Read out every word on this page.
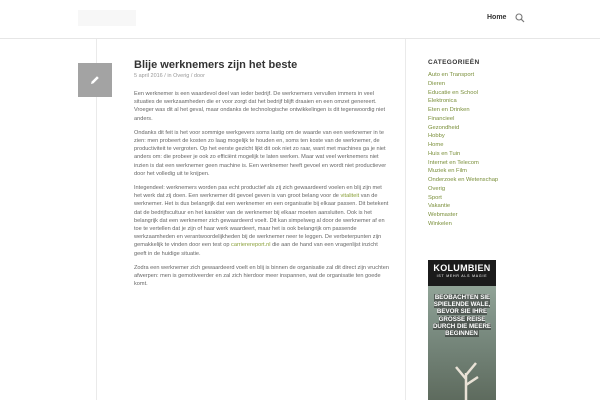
Home
Blije werknemers zijn het beste
5 april 2016 / in Overig / door

Een werknemer is een waardevol deel van ieder bedrijf. De werknemers vervullen immers in veel situaties de werkzaamheden die er voor zorgt dat het bedrijf blijft draaien en een omzet genereert. Vroeger was dit al het geval, maar ondanks de technologische ontwikkelingen is dit tegenwoordig niet anders.

Ondanks dit feit is het voor sommige werkgevers soms lastig om de waarde van een werknemer in te zien: men probeert de kosten zo laag mogelijk te houden en, soms ten koste van de werknemer, de productiviteit te vergroten. Op het eerste gezicht lijkt dit ook niet zo raar, want met machines ga je niet anders om: die probeer je ook zo efficiënt mogelijk te laten werken. Maar wat veel werknemers niet inzien is dat een werknemer geen machine is. Een werknemer heeft gevoel en wordt niet productiever door het volledig uit te knijpen.

Integendeel: werknemers worden pas echt productief als zij zich gewaardeerd voelen en blij zijn met het werk dat zij doen. Een werknemer dit gevoel geven is van groot belang voor de vitaliteit van de werknemer. Het is dus belangrijk dat een werknemer en een organisatie bij elkaar passen. Dit betekent dat de bedrijfscultuur en het karakter van de werknemer bij elkaar moeten aansluiten. Ook is het belangrijk dat een werknemer zich gewaardeerd voelt. Dit kan simpelweg al door de werknemer af en toe te vertellen dat je zijn of haar werk waardeert, maar het is ook belangrijk om passende werkzaamheden en verantwoordelijkheden bij de werknemer neer te leggen. De verbeterpunten zijn gemakkelijk te vinden door een test op carrierereport.nl die aan de hand van een vragenlijst inzicht geeft in de huidige situatie.

Zodra een werknemer zich gewaardeerd voelt en blij is binnen de organisatie zal dit direct zijn vruchten afwerpen: men is gemotiveerder en zal zich hierdoor meer inspannen, wat de organisatie ten goede komt.

CATEGORIEËN
Auto en Transport
Dieren
Educatie en School
Elektronica
Eten en Drinken
Financieel
Gezondheid
Hobby
Home
Huis en Tuin
Internet en Telecom
Muziek en Film
Onderzoek en Wetenschap
Overig
Sport
Vakantie
Webmaster
Winkelen
KOLUMBIEN
IST MEHR ALS MAGIE
BEOBACHTEN SIE SPIELENDE WALE, BEVOR SIE IHRE GROSSE REISE DURCH DIE MEERE BEGINNEN
